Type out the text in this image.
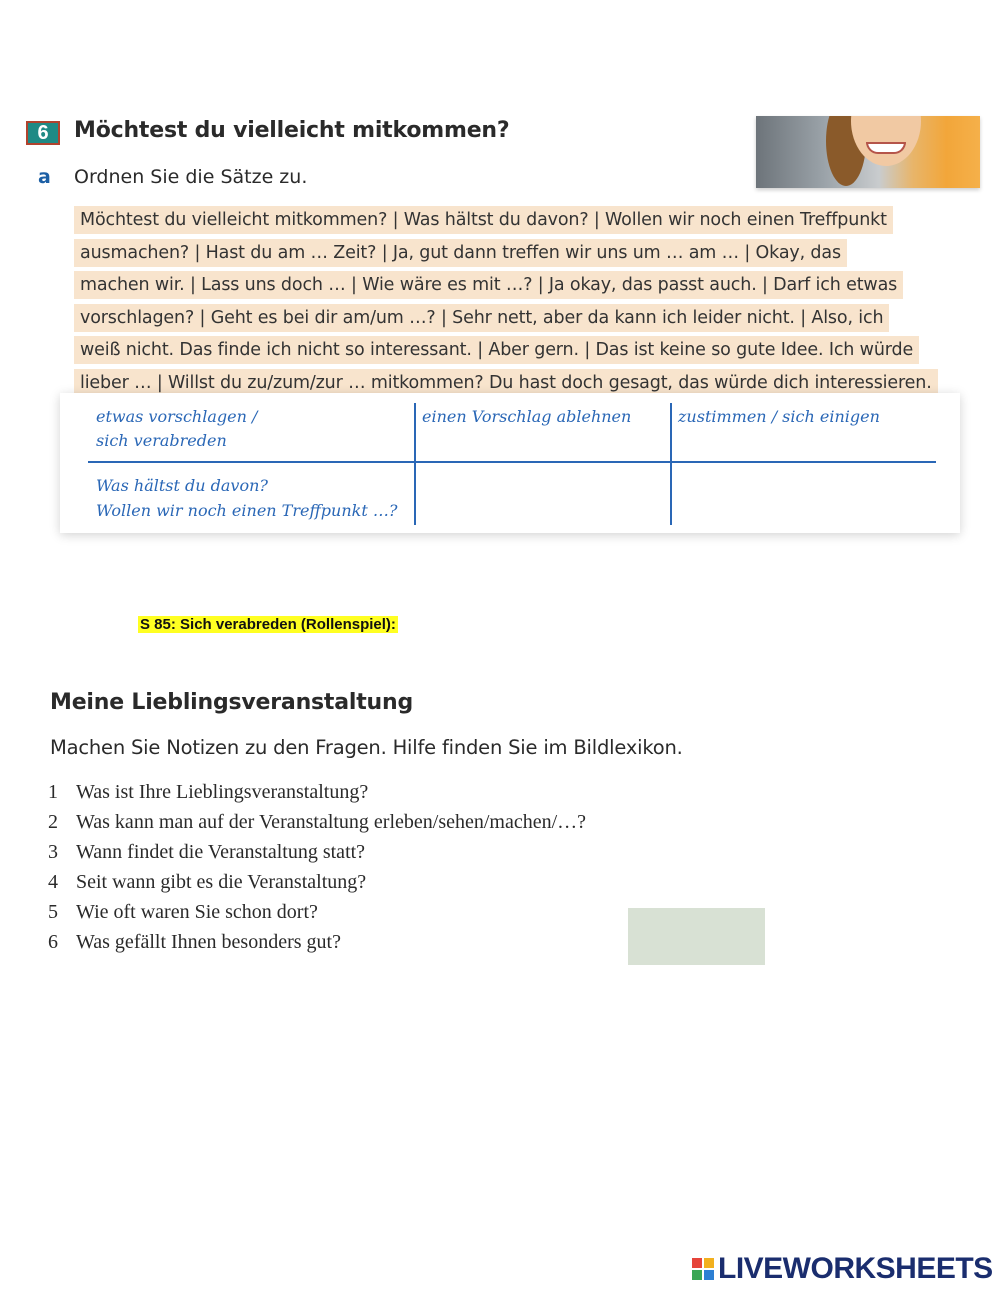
6	Möchtest du vielleicht mitkommen?
a Ordnen Sie die Sätze zu.
Möchtest du vielleicht mitkommen? | Was hältst du davon? | Wollen wir noch einen Treffpunkt
ausmachen? | Hast du am … Zeit? | Ja, gut dann treffen wir uns um … am … | Okay, das
machen wir. | Lass uns doch … | Wie wäre es mit …? | Ja okay, das passt auch. | Darf ich etwas
vorschlagen? | Geht es bei dir am/um …? | Sehr nett, aber da kann ich leider nicht. | Also, ich
weiß nicht. Das finde ich nicht so interessant. | Aber gern. | Das ist keine so gute Idee. Ich würde
lieber … | Willst du zu/zum/zur … mitkommen? Du hast doch gesagt, das würde dich interessieren.
etwas vorschlagen /
sich verabreden
einen Vorschlag ablehnen	zustimmen / sich einigen
Was hältst du davon?
Wollen wir noch einen Treffpunkt …?
S 85: Sich verabreden (Rollenspiel):
Meine Lieblingsveranstaltung
Machen Sie Notizen zu den Fragen. Hilfe finden Sie im Bildlexikon.
1 Was ist Ihre Lieblingsveranstaltung?
2 Was kann man auf der Veranstaltung erleben/sehen/machen/…?
3 Wann findet die Veranstaltung statt?
4 Seit wann gibt es die Veranstaltung?
5 Wie oft waren Sie schon dort?
6 Was gefällt Ihnen besonders gut?
LIVEWORKSHEETS
